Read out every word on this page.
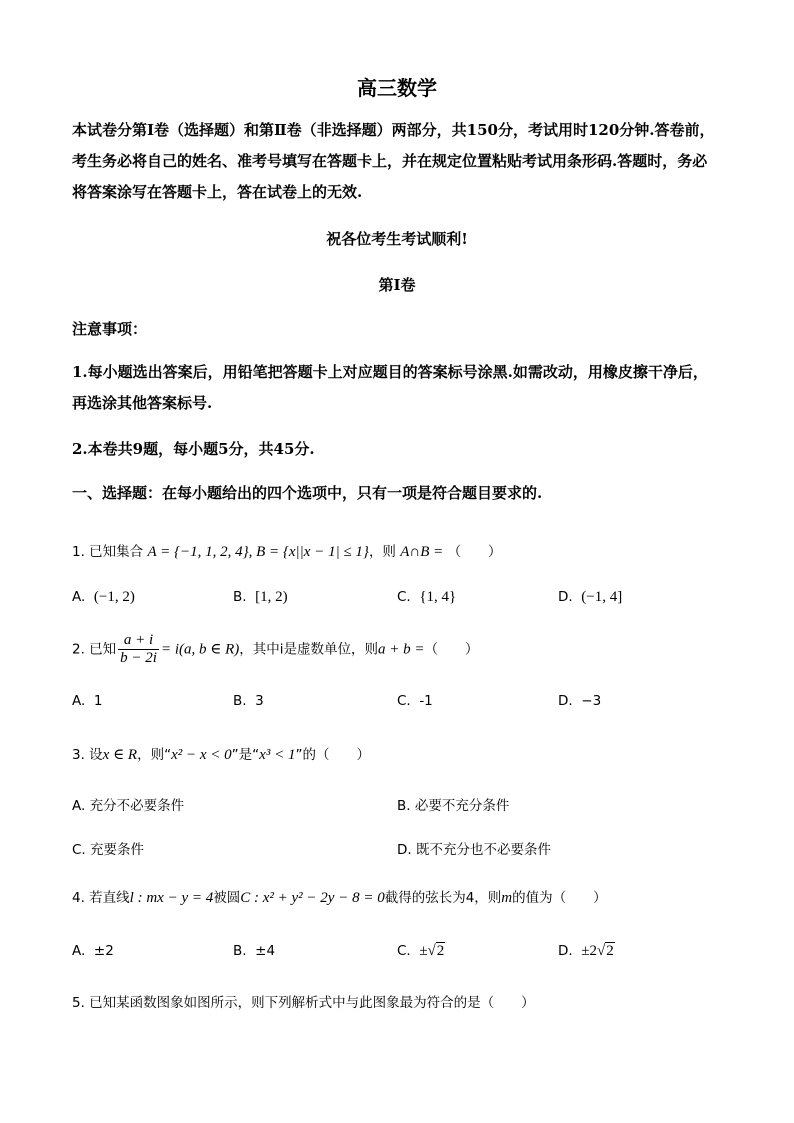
高三数学
本试卷分第Ⅰ卷（选择题）和第Ⅱ卷（非选择题）两部分，共150分，考试用时120分钟.答卷前，考生务必将自己的姓名、准考号填写在答题卡上，并在规定位置粘贴考试用条形码.答题时，务必将答案涂写在答题卡上，答在试卷上的无效.
祝各位考生考试顺利!
第Ⅰ卷
注意事项：
1.每小题选出答案后，用铅笔把答题卡上对应题目的答案标号涂黑.如需改动，用橡皮擦干净后，再选涂其他答案标号.
2.本卷共9题，每小题5分，共45分.
一、选择题：在每小题给出的四个选项中，只有一项是符合题目要求的.
1. 已知集合 A = {−1, 1, 2, 4}, B = {x||x − 1| ≤ 1}，则 A∩B = （　　）
A. (−1, 2)	B. [1, 2)	C. {1, 4}	D. (−1, 4]
2. 已知 $\frac{a + i}{b - 2i} = i(a$, b ∈ R)，其中i是虚数单位，则a + b =（　　）
A. 1	B. 3	C. -1	D. −3
3. 设x ∈ R，则“x² − x < 0”是“x³ < 1”的（　　）
A. 充分不必要条件	B. 必要不充分条件
C. 充要条件	D. 既不充分也不必要条件
4. 若直线l : mx − y = 4被圆C : x² + y² − 2y − 8 = 0截得的弦长为4，则m的值为（　　）
A. ±2	B. ±4	C. ±√2	D. ±2√2
5. 已知某函数图象如图所示，则下列解析式中与此图象最为符合的是（　　）
